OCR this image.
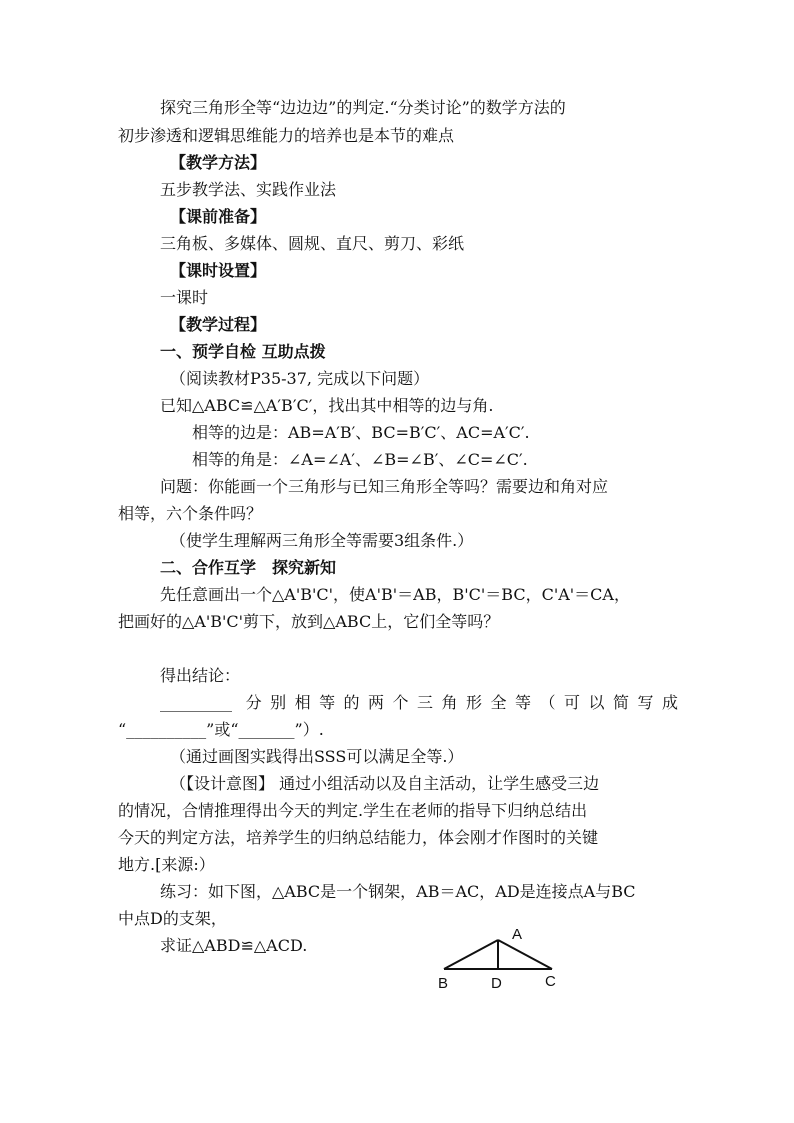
探究三角形全等“边边边”的判定.“分类讨论”的数学方法的
初步渗透和逻辑思维能力的培养也是本节的难点
【教学方法】
五步教学法、实践作业法
【课前准备】
三角板、多媒体、圆规、直尺、剪刀、彩纸
【课时设置】
一课时
【教学过程】
一、预学自检 互助点拨
（阅读教材P35-37, 完成以下问题）
已知△ABC≌△A′B′C′，找出其中相等的边与角.
相等的边是：AB=A′B′、BC=B′C′、AC=A′C′.
相等的角是：∠A=∠A′、∠B=∠B′、∠C=∠C′.
问题：你能画一个三角形与已知三角形全等吗？需要边和角对应
相等，六个条件吗？
（使学生理解两三角形全等需要3组条件.）
二、合作互学　探究新知
先任意画出一个△A'B'C'，使A'B'＝AB，B'C'＝BC，C'A'＝CA，
把画好的△A'B'C'剪下，放到△ABC上，它们全等吗？
得出结论：
_________ 分别相等的两个三角形全等（可以简写成
“__________”或“_______”）.
（通过画图实践得出SSS可以满足全等.）
（【设计意图】 通过小组活动以及自主活动，让学生感受三边
的情况，合情推理得出今天的判定.学生在老师的指导下归纳总结出
今天的判定方法，培养学生的归纳总结能力，体会刚才作图时的关键
地方.[来源:）
练习：如下图，△ABC是一个钢架，AB＝AC，AD是连接点A与BC
中点D的支架，
求证△ABD≌△ACD.
A
B	D	C
